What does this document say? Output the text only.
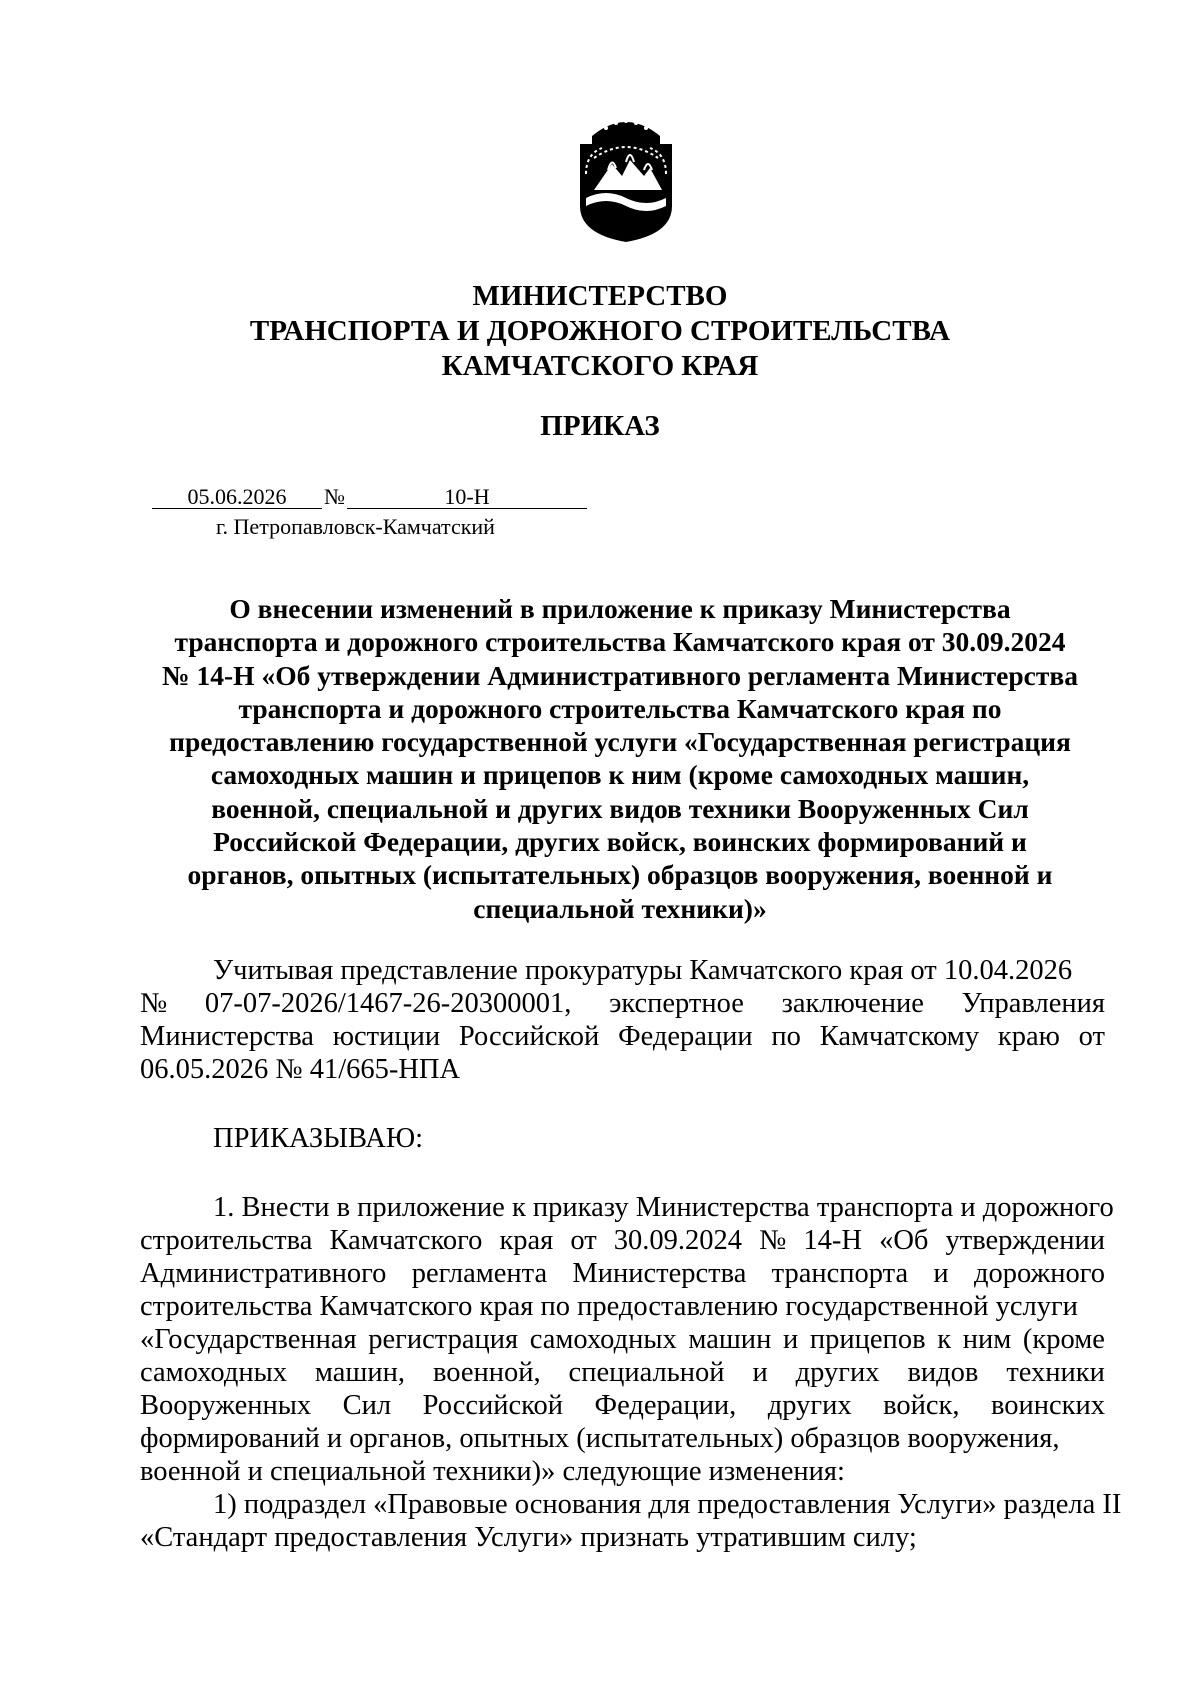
МИНИСТЕРСТВО
ТРАНСПОРТА И ДОРОЖНОГО СТРОИТЕЛЬСТВА
КАМЧАТСКОГО КРАЯ
ПРИКАЗ
05.06.2026 №	10-Н
г. Петропавловск-Камчатский
О внесении изменений в приложение к приказу Министерства
транспорта и дорожного строительства Камчатского края от 30.09.2024
№ 14-Н «Об утверждении Административного регламента Министерства
транспорта и дорожного строительства Камчатского края по
предоставлению государственной услуги «Государственная регистрация
самоходных машин и прицепов к ним (кроме самоходных машин,
военной, специальной и других видов техники Вооруженных Сил
Российской Федерации, других войск, воинских формирований и
органов, опытных (испытательных) образцов вооружения, военной и
специальной техники)»
Учитывая представление прокуратуры Камчатского края от 10.04.2026
№ 07-07-2026/1467-26-20300001, экспертное заключение Управления
Министерства юстиции Российской Федерации по Камчатскому краю от
06.05.2026 № 41/665-НПА
ПРИКАЗЫВАЮ:
1. Внести в приложение к приказу Министерства транспорта и дорожного
строительства Камчатского края от 30.09.2024 № 14-Н «Об утверждении
Административного регламента Министерства транспорта и дорожного
строительства Камчатского края по предоставлению государственной услуги
«Государственная регистрация самоходных машин и прицепов к ним (кроме
самоходных машин, военной, специальной и других видов техники
Вооруженных Сил Российской Федерации, других войск, воинских
формирований и органов, опытных (испытательных) образцов вооружения,
военной и специальной техники)» следующие изменения:
1) подраздел «Правовые основания для предоставления Услуги» раздела II
«Стандарт предоставления Услуги» признать утратившим силу;
